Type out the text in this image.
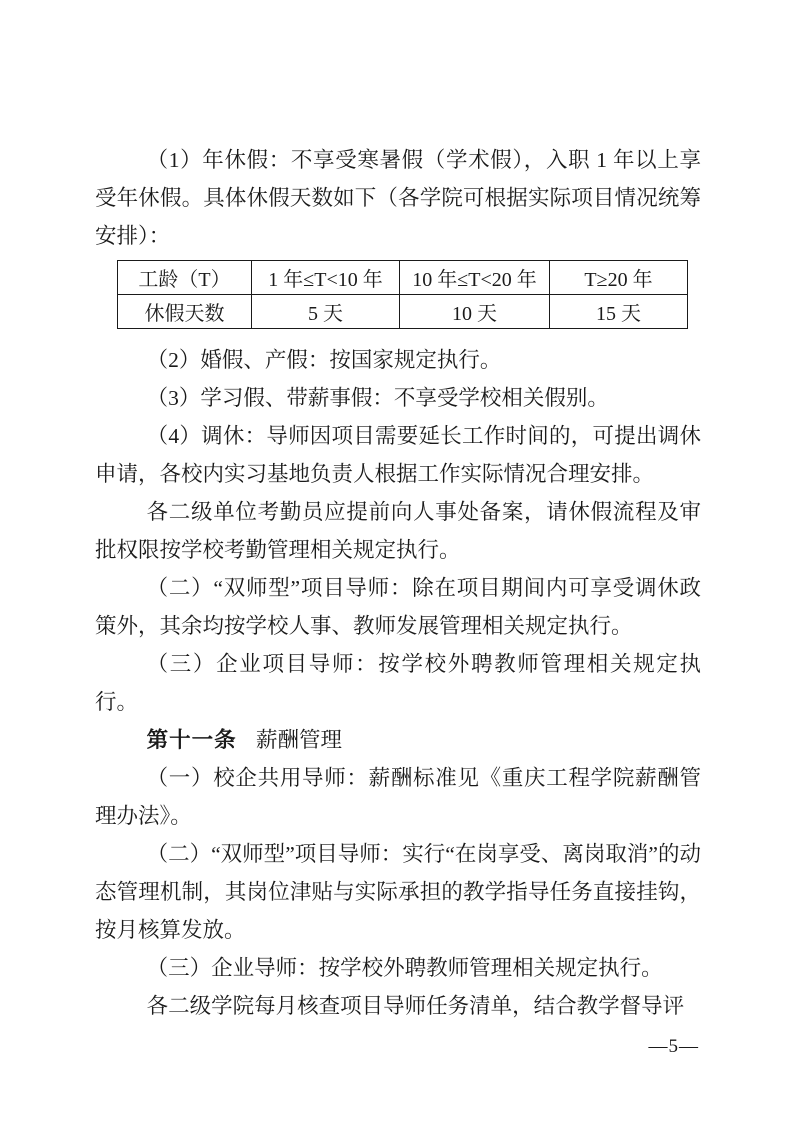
（1）年休假：不享受寒暑假（学术假），入职 1 年以上享受年休假。具体休假天数如下（各学院可根据实际项目情况统筹安排）：

工龄（T）	1 年≤T<10 年	10 年≤T<20 年	T≥20 年
休假天数	5 天	10 天	15 天

（2）婚假、产假：按国家规定执行。

（3）学习假、带薪事假：不享受学校相关假别。

（4）调休：导师因项目需要延长工作时间的，可提出调休申请，各校内实习基地负责人根据工作实际情况合理安排。

各二级单位考勤员应提前向人事处备案，请休假流程及审批权限按学校考勤管理相关规定执行。

（二）“双师型”项目导师：除在项目期间内可享受调休政策外，其余均按学校人事、教师发展管理相关规定执行。

（三）企业项目导师：按学校外聘教师管理相关规定执行。

第十一条 薪酬管理

（一）校企共用导师：薪酬标准见《重庆工程学院薪酬管理办法》。

（二）“双师型”项目导师：实行“在岗享受、离岗取消”的动态管理机制，其岗位津贴与实际承担的教学指导任务直接挂钩，按月核算发放。

（三）企业导师：按学校外聘教师管理相关规定执行。

各二级学院每月核查项目导师任务清单，结合教学督导评

—5—
